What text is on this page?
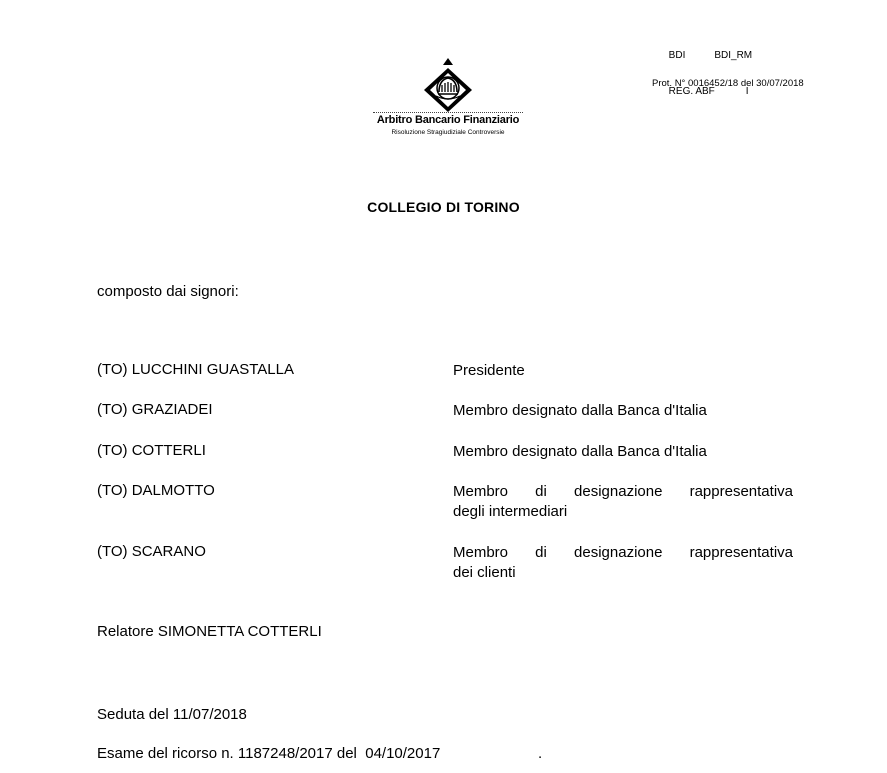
BDI	BDI_RM

REG. ABF	I

Prot. N° 0016452/18 del 30/07/2018
Arbitro Bancario Finanziario
Risoluzione Stragiudiziale Controversie
COLLEGIO DI TORINO
composto dai signori:
(TO) LUCCHINI GUASTALLA	Presidente
(TO) GRAZIADEI	Membro designato dalla Banca d'Italia
(TO) COTTERLI	Membro designato dalla Banca d'Italia
(TO) DALMOTTO	Membro di designazione rappresentativa
degli intermediari
(TO) SCARANO	Membro di designazione rappresentativa
dei clienti
Relatore SIMONETTA COTTERLI
Seduta del 11/07/2018
Esame del ricorso n. 1187248/2017 del  04/10/2017	.
